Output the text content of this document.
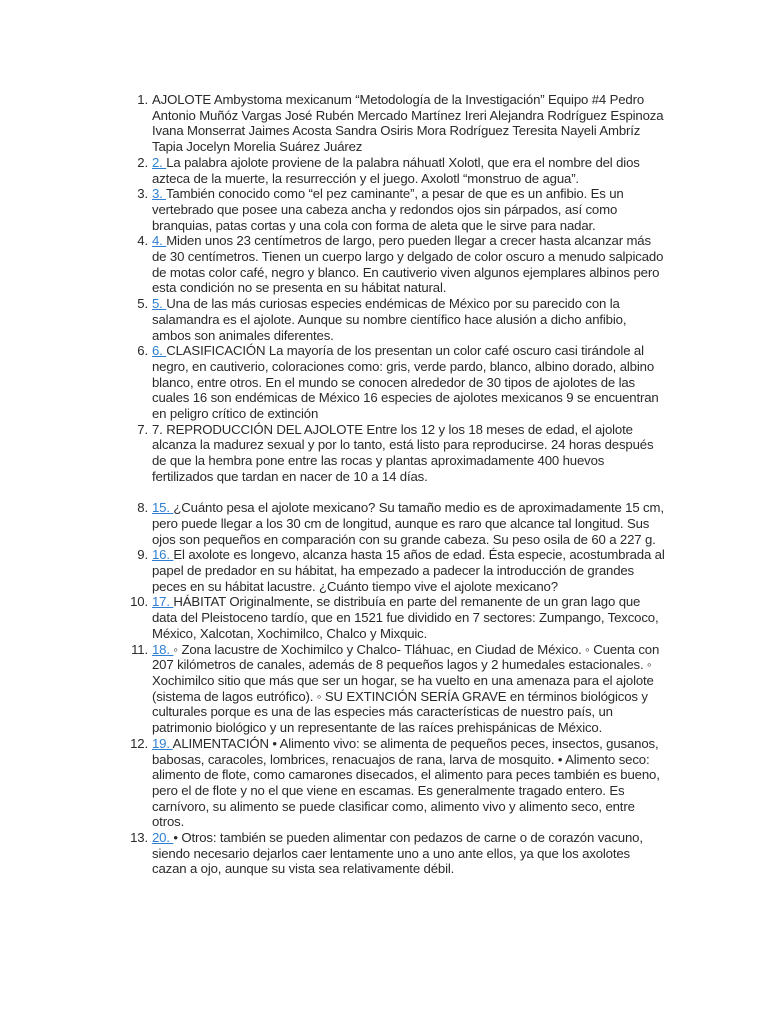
1. AJOLOTE Ambystoma mexicanum “Metodología de la Investigación” Equipo #4 Pedro Antonio Muñóz Vargas José Rubén Mercado Martínez Ireri Alejandra Rodríguez Espinoza Ivana Monserrat Jaimes Acosta Sandra Osiris Mora Rodríguez Teresita Nayeli Ambríz Tapia Jocelyn Morelia Suárez Juárez
2. 2. La palabra ajolote proviene de la palabra náhuatl Xolotl, que era el nombre del dios azteca de la muerte, la resurrección y el juego. Axolotl “monstruo de agua”.
3. 3. También conocido como “el pez caminante”, a pesar de que es un anfibio. Es un vertebrado que posee una cabeza ancha y redondos ojos sin párpados, así como branquias, patas cortas y una cola con forma de aleta que le sirve para nadar.
4. 4. Miden unos 23 centímetros de largo, pero pueden llegar a crecer hasta alcanzar más de 30 centímetros. Tienen un cuerpo largo y delgado de color oscuro a menudo salpicado de motas color café, negro y blanco. En cautiverio viven algunos ejemplares albinos pero esta condición no se presenta en su hábitat natural.
5. 5. Una de las más curiosas especies endémicas de México por su parecido con la salamandra es el ajolote. Aunque su nombre científico hace alusión a dicho anfibio, ambos son animales diferentes.
6. 6. CLASIFICACIÓN La mayoría de los presentan un color café oscuro casi tirándole al negro, en cautiverio, coloraciones como: gris, verde pardo, blanco, albino dorado, albino blanco, entre otros. En el mundo se conocen alrededor de 30 tipos de ajolotes de las cuales 16 son endémicas de México 16 especies de ajolotes mexicanos 9 se encuentran en peligro crítico de extinción
7. 7. REPRODUCCIÓN DEL AJOLOTE Entre los 12 y los 18 meses de edad, el ajolote alcanza la madurez sexual y por lo tanto, está listo para reproducirse. 24 horas después de que la hembra pone entre las rocas y plantas aproximadamente 400 huevos fertilizados que tardan en nacer de 10 a 14 días.
8. 15. ¿Cuánto pesa el ajolote mexicano? Su tamaño medio es de aproximadamente 15 cm, pero puede llegar a los 30 cm de longitud, aunque es raro que alcance tal longitud. Sus ojos son pequeños en comparación con su grande cabeza. Su peso osila de 60 a 227 g.
9. 16. El axolote es longevo, alcanza hasta 15 años de edad. Ésta especie, acostumbrada al papel de predador en su hábitat, ha empezado a padecer la introducción de grandes peces en su hábitat lacustre. ¿Cuánto tiempo vive el ajolote mexicano?
10. 17. HÁBITAT Originalmente, se distribuía en parte del remanente de un gran lago que data del Pleistoceno tardío, que en 1521 fue dividido en 7 sectores: Zumpango, Texcoco, México, Xalcotan, Xochimilco, Chalco y Mixquic.
11. 18. ◦ Zona lacustre de Xochimilco y Chalco- Tláhuac, en Ciudad de México. ◦ Cuenta con 207 kilómetros de canales, además de 8 pequeños lagos y 2 humedales estacionales. ◦ Xochimilco sitio que más que ser un hogar, se ha vuelto en una amenaza para el ajolote (sistema de lagos eutrófico). ◦ SU EXTINCIÓN SERÍA GRAVE en términos biológicos y culturales porque es una de las especies más características de nuestro país, un patrimonio biológico y un representante de las raíces prehispánicas de México.
12. 19. ALIMENTACIÓN • Alimento vivo: se alimenta de pequeños peces, insectos, gusanos, babosas, caracoles, lombrices, renacuajos de rana, larva de mosquito. • Alimento seco: alimento de flote, como camarones disecados, el alimento para peces también es bueno, pero el de flote y no el que viene en escamas. Es generalmente tragado entero. Es carnívoro, su alimento se puede clasificar como, alimento vivo y alimento seco, entre otros.
13. 20. • Otros: también se pueden alimentar con pedazos de carne o de corazón vacuno, siendo necesario dejarlos caer lentamente uno a uno ante ellos, ya que los axolotes cazan a ojo, aunque su vista sea relativamente débil.
